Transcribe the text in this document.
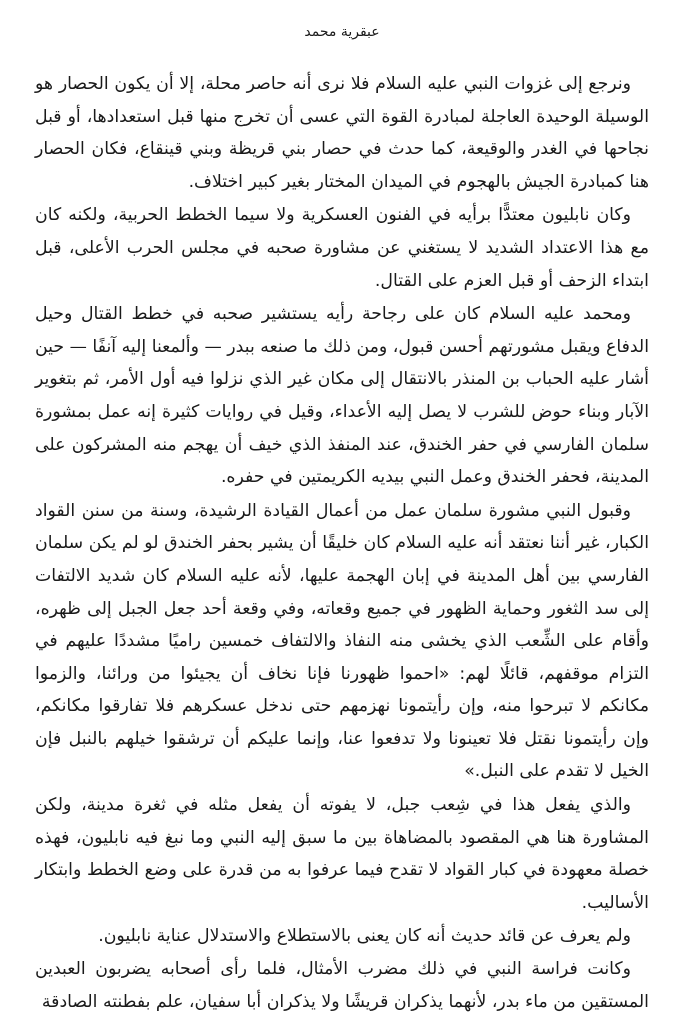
عبقرية محمد

ونرجع إلى غزوات النبي عليه السلام فلا نرى أنه حاصر محلة، إلا أن يكون الحصار هو الوسيلة الوحيدة العاجلة لمبادرة القوة التي عسى أن تخرج منها قبل استعدادها، أو قبل نجاحها في الغدر والوقيعة، كما حدث في حصار بني قريظة وبني قينقاع، فكان الحصار هنا كمبادرة الجيش بالهجوم في الميدان المختار بغير كبير اختلاف.

وكان نابليون معتدًّا برأيه في الفنون العسكرية ولا سيما الخطط الحربية، ولكنه كان مع هذا الاعتداد الشديد لا يستغني عن مشاورة صحبه في مجلس الحرب الأعلى، قبل ابتداء الزحف أو قبل العزم على القتال.

ومحمد عليه السلام كان على رجاحة رأيه يستشير صحبه في خطط القتال وحيل الدفاع ويقبل مشورتهم أحسن قبول، ومن ذلك ما صنعه ببدر — وألمعنا إليه آنفًا — حين أشار عليه الحباب بن المنذر بالانتقال إلى مكان غير الذي نزلوا فيه أول الأمر، ثم بتغوير الآبار وبناء حوض للشرب لا يصل إليه الأعداء، وقيل في روايات كثيرة إنه عمل بمشورة سلمان الفارسي في حفر الخندق، عند المنفذ الذي خيف أن يهجم منه المشركون على المدينة، فحفر الخندق وعمل النبي بيديه الكريمتين في حفره.

وقبول النبي مشورة سلمان عمل من أعمال القيادة الرشيدة، وسنة من سنن القواد الكبار، غير أننا نعتقد أنه عليه السلام كان خليقًا أن يشير بحفر الخندق لو لم يكن سلمان الفارسي بين أهل المدينة في إبان الهجمة عليها، لأنه عليه السلام كان شديد الالتفات إلى سد الثغور وحماية الظهور في جميع وقعاته، وفي وقعة أحد جعل الجبل إلى ظهره، وأقام على الشِّعب الذي يخشى منه النفاذ والالتفاف خمسين راميًا مشددًا عليهم في التزام موقفهم، قائلًا لهم: «احموا ظهورنا فإنا نخاف أن يجيئوا من ورائنا، والزموا مكانكم لا تبرحوا منه، وإن رأيتمونا نهزمهم حتى ندخل عسكرهم فلا تفارقوا مكانكم، وإن رأيتمونا نقتل فلا تعينونا ولا تدفعوا عنا، وإنما عليكم أن ترشقوا خيلهم بالنبل فإن الخيل لا تقدم على النبل.»

والذي يفعل هذا في شِعب جبل، لا يفوته أن يفعل مثله في ثغرة مدينة، ولكن المشاورة هنا هي المقصود بالمضاهاة بين ما سبق إليه النبي وما نبغ فيه نابليون، فهذه خصلة معهودة في كبار القواد لا تقدح فيما عرفوا به من قدرة على وضع الخطط وابتكار الأساليب.

ولم يعرف عن قائد حديث أنه كان يعنى بالاستطلاع والاستدلال عناية نابليون.

وكانت فراسة النبي في ذلك مضرب الأمثال، فلما رأى أصحابه يضربون العبدين المستقين من ماء بدر، لأنهما يذكران قريشًا ولا يذكران أبا سفيان، علم بفطنته الصادقة
